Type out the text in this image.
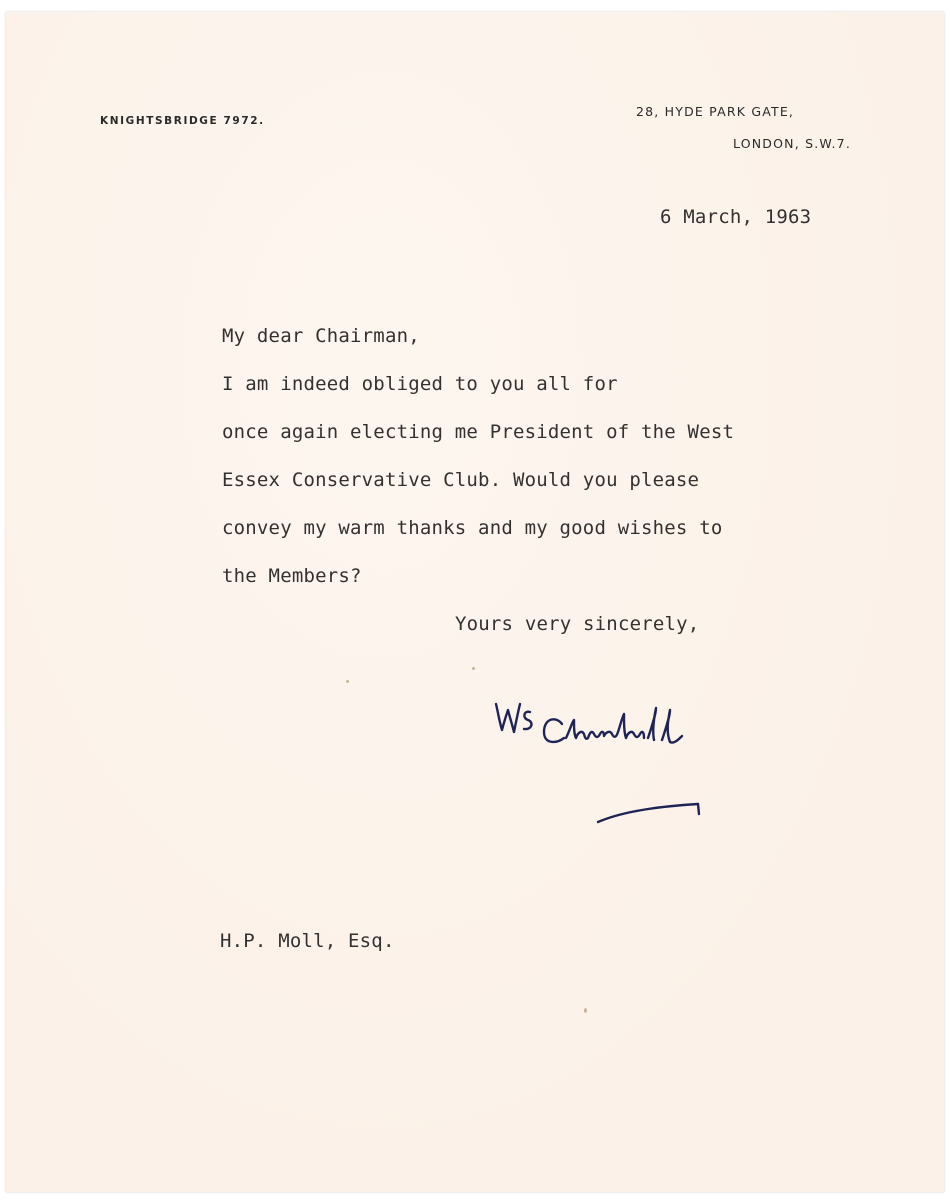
KNIGHTSBRIDGE 7972.
28, HYDE PARK GATE,
LONDON, S.W.7.
6 March, 1963
My dear Chairman,
I am indeed obliged to you all for
once again electing me President of the West
Essex Conservative Club. Would you please
convey my warm thanks and my good wishes to
the Members?
Yours very sincerely,
H.P. Moll, Esq.
